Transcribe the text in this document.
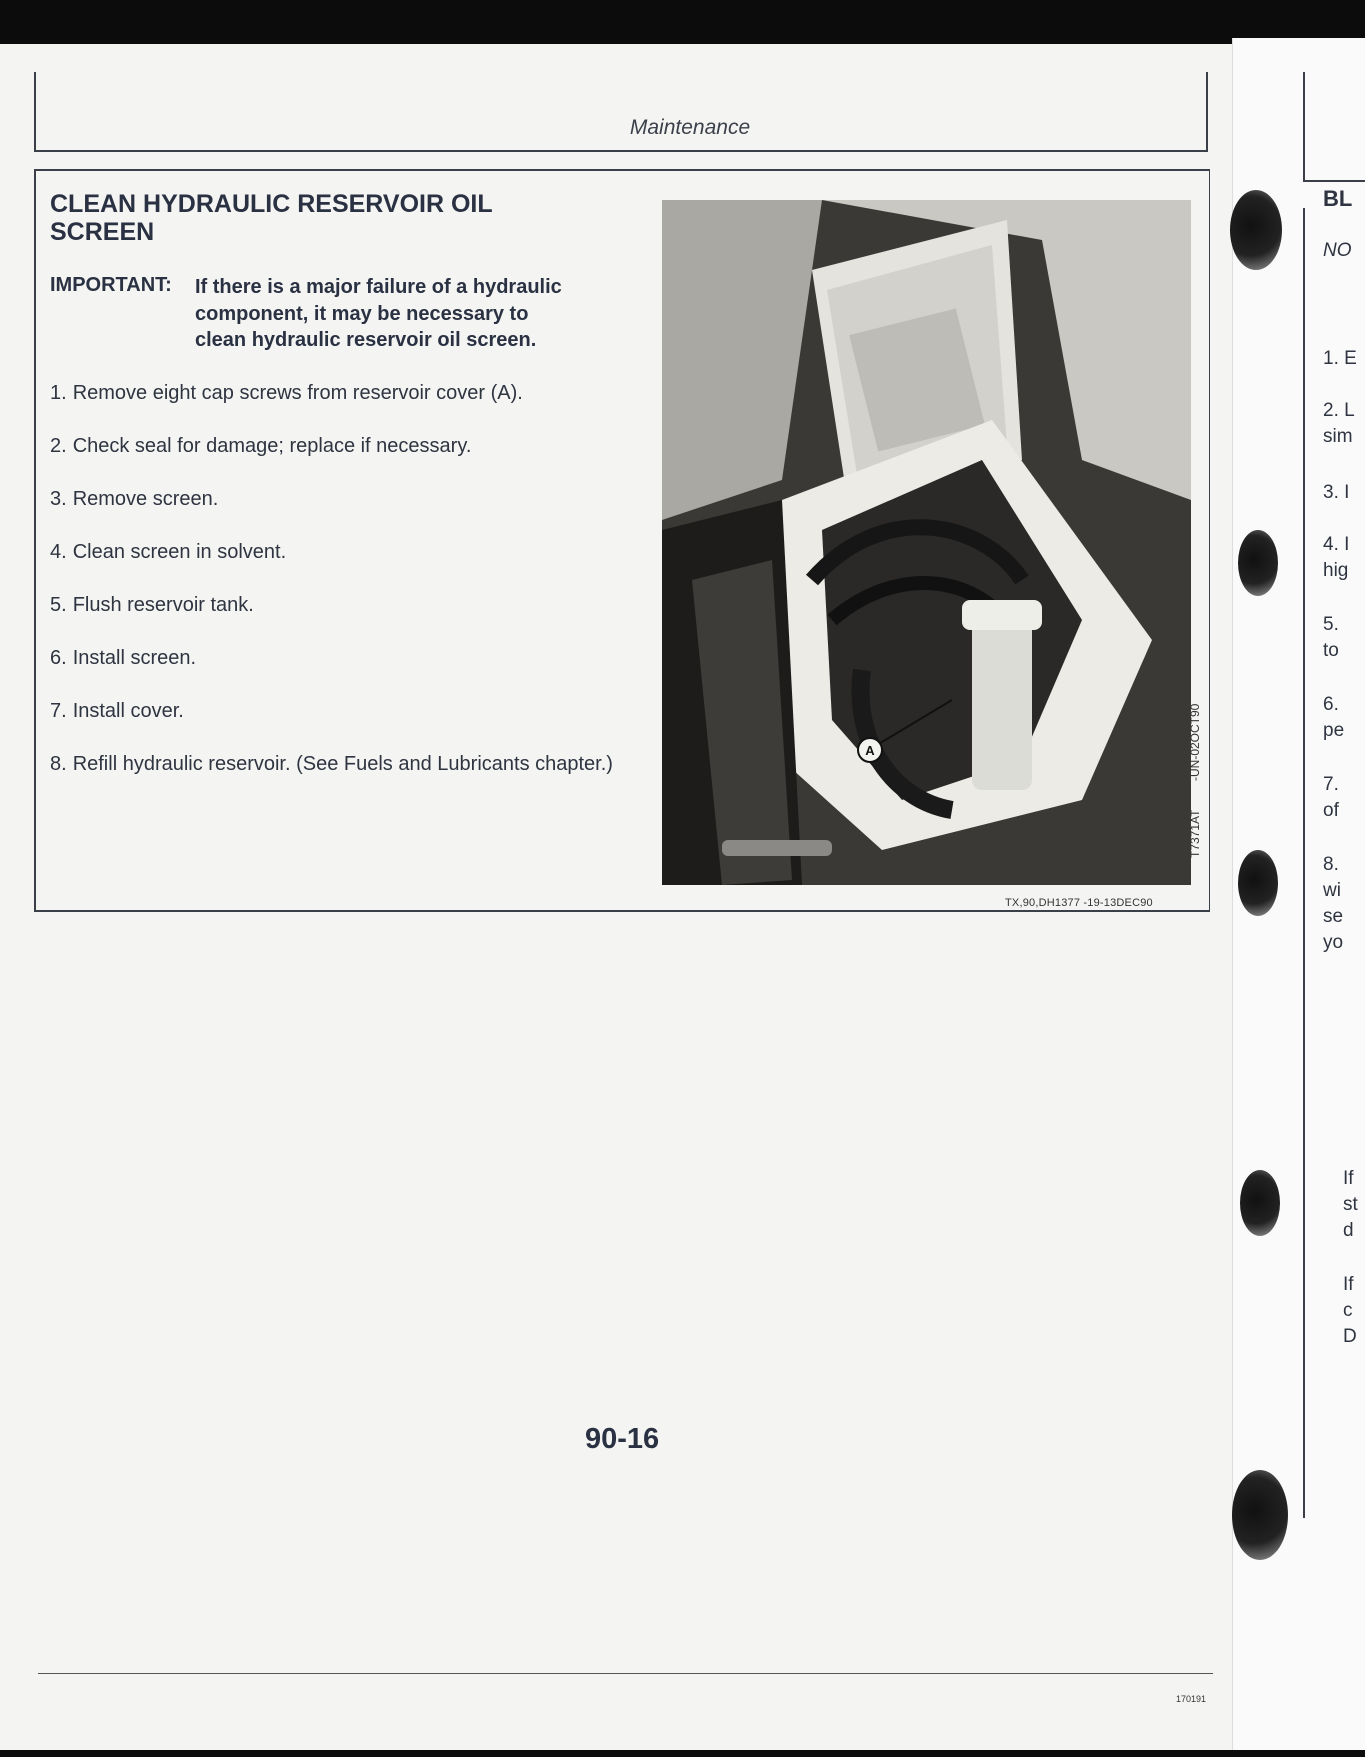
Maintenance
CLEAN HYDRAULIC RESERVOIR OIL
SCREEN
IMPORTANT: If there is a major failure of a hydraulic
component, it may be necessary to
clean hydraulic reservoir oil screen.
1. Remove eight cap screws from reservoir cover (A).
2. Check seal for damage; replace if necessary.
3. Remove screen.
4. Clean screen in solvent.
5. Flush reservoir tank.
6. Install screen.
7. Install cover.
8. Refill hydraulic reservoir. (See Fuels and Lubricants chapter.)
A
T7371AT
-UN-02OCT90
TX,90,DH1377 -19-13DEC90
90-16
170191
BL
NO
1. E
2. L
sim
3. I
4. I
hig
5.
to
6.
pe
7.
of
8.
wi
se
yo
If
st
d
If
c
D
